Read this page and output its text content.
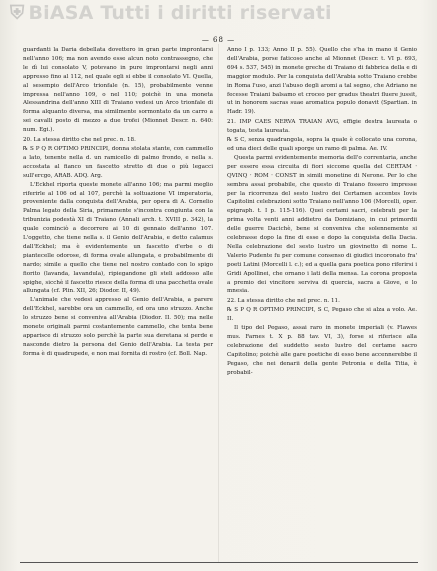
⛨ BiASA Tutti i diritti riservati
— 68 —

guardanti la Daria debellata dovettero in gran parte improntarsi nell'anno 106; ma non avendo esse alcun noto contrassegno, che le dì lui consolato V, potevano in pure improntarsi negli anni appresso fino al 112, nel quale egli si ebbe il consolato VI. Quella, al sesempio dell'Arco trionfale (n. 15), probabilmente venne impressa nell'anno 109, o nel 110; poichè in una moneta Alessandrina dell'anno XIII di Traiano vedesi un Arco trionfale di forma alquanto diversa, ma similmente sormontato da un carro a sei cavalli posto di mezzo a due trofei (Mionnet Descr. n. 640: num. Egi.).

20. La stessa diritto che nel prec. n. 18.

℞ S P Q R OPTIMO PRINCIPI, donna stolata stante, con cammello a lato, tenente nella d. un ramicello di palmo frondo, e nella s. accostata al fianco un fascetto stretto di due o più legacci sull'ercgo, ARAB. ADQ. Arg.

L'Eckhel riporta queste monete all'anno 106; ma parmi meglio riferirle al 106 od al 107, perchè la soltuazione VI imperatoria, proveniente dalla conquista dell'Arabia, per opera di A. Cornelio Palma legato della Siria, primamente s'incontra congiunta con la tribunizia podestà XI di Traiano (Annali arch. t. XVIII p. 342), la quale cominciò a decorrere ai 10 di gennaio dell'anno 107. L'oggetto, che tiene nella s. il Genio dell'Arabia, e detto calamus dall'Eckhel; ma è evidentemente un fascetto d'erbe o di piantecelle odorose, di forma ovale allungata, e probabilmente di nardo; simile a quello che tiene nel nostro contado con lo spigo fiorito (lavanda, lavandula), ripiegandone gli steli addosso alle spighe, sicchè il fascetto riesce della forma di una pacchetta ovale allungata (cf. Plin. XII, 26; Diodor. II, 49).

L'animale che vedesi appresso al Genio dell'Arabia, a parere dell'Eckhel, sarebbe ora un cammello, ed ora uno struzzo. Anche lo struzzo bene si conveniva all'Arabia (Diodor. II. 50); ma nelle monete originali parmi costantemente cammello, che tenta bene apparisce di struzzo solo perchè la parte sua deretana si perde e nasconde dietro la persona del Genio dell'Arabia. La testa per forma è di quadrupede, e non mai fornita di rostro (cf. Boll. Nap.

Anno I p. 133; Anno II p. 55). Quello che s'ha in mano il Genio dell'Arabia, porse faticoso anche al Mionnet (Descr. t. VI p. 693, 694 s. 537, 545) in monete greche di Traiano di fabbrica della e di maggior modulo. Per la conquista dell'Arabia sotto Traiano crebbe in Roma l'uso, anzi l'abuso degli aromi a tal segno, che Adriano ne fecesse Traiani balsamo et croceo per gradus theatri fluere jussit, ut in honorem sacras suae aromatica populo donavit (Spartian. in Hadr. 19).

21. IMP CAES NERVA TRAIAN AVG, effigie destra laureata o togata, testa laureata.

℞ S C, senza quadrangola, sopra la quale è collocato una corona, ed una dieci delle quali sporge un ramo di palma. Ae. IV.

Questa parmi evidentemente memoria dell'o correntaria, anche per essere essa circuita di fiori siccome quella del CERTAM · QVINQ · ROM · CONST in simili monetine di Nerone. Per lo che sembra assai probabile, che questo di Traiano fossero impresse per la ricorrenza del sesto lustro dei Certamen accentes Iovis Capitolini celebrazioni sotto Traiano nell'anno 106 (Morcelli, oper. epigraph. t. I p. 115-116). Quei certami sacri, celebrati per la prima volta venti anni addietro da Domiziano, in cui primordii delle guerre Dacichè, bene si conveniva che solennemente si celebrasse dopo la fine di esse e dopo la conquista della Dacia. Nella celebrazione del sesto lustro un giovinetto di nome L. Valerio Pudente fu per comune consenso di giudici incoronato fra' poeti Latini (Morcelli l. c.); ed a quella gara poetica pono riferirsi i Gridi Apollinei, che ornano i lati della mensa. La corona proposta a premio dei vincitore serviva di quercia, sacra a Giove, e lo mnesia.

22. La stessa diritto che nel prec. n. 11.

℞ S P Q R OPTIMO PRINCIPI, S C, Pegaso che si alza a volo. Ae. II.

Il tipo del Pegaso, assai raro in monete imperiali (v. Flawes mus. Farnes t. X p. 88 tav. VI, 3), forse si riferisce alla celebrazione del suddetto sesto lustro del certame sacro Capitolino; poichè alle gare poetiche di esso bene accennerebbe il Pegaso, che nei denarii della gente Petronia e della Titia, è probabil-
